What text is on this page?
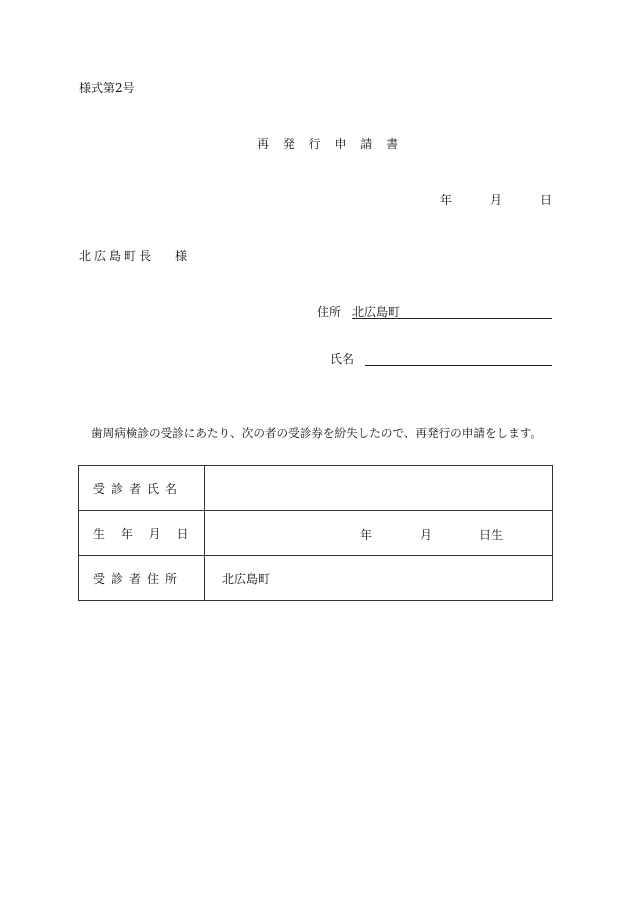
様式第2号
再 発 行 申 請 書
年	月	日
北広島町長 様
住所 北広島町
氏名
歯周病検診の受診にあたり、次の者の受診券を紛失したので、再発行の申請をします。
受診者氏名	
生 年 月 日	年 月 日生

受診者住所	北広島町
